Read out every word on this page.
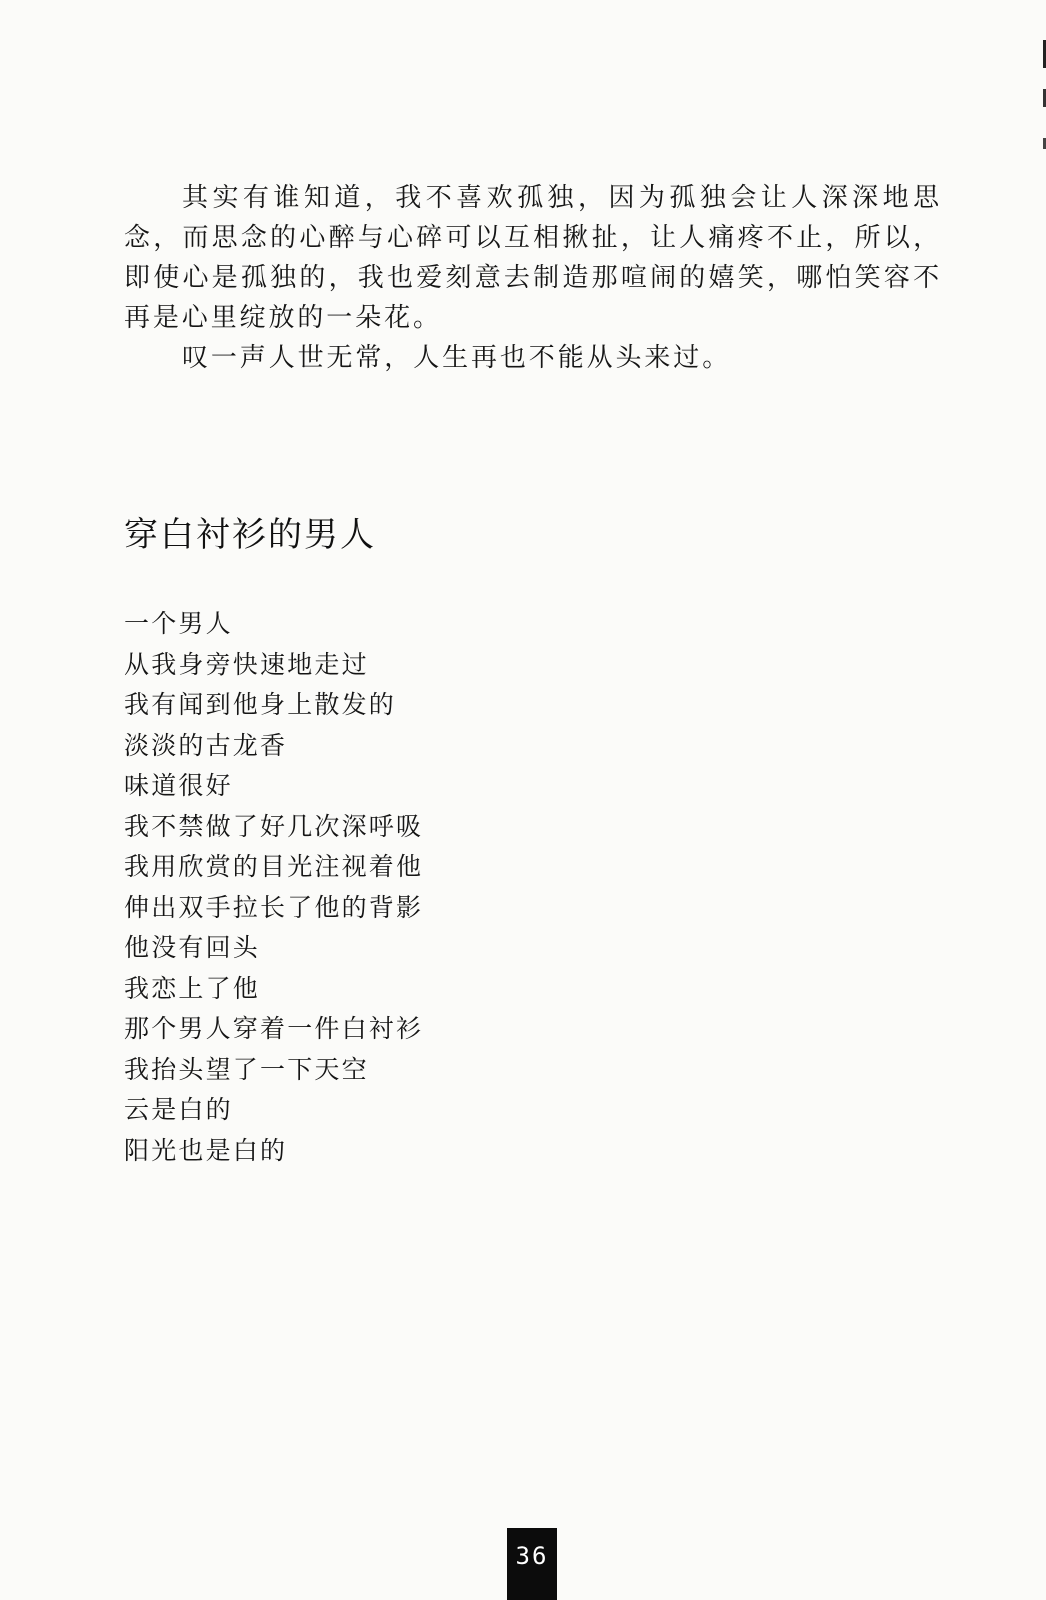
其实有谁知道，我不喜欢孤独，因为孤独会让人深深地思念，而思念的心醉与心碎可以互相揪扯，让人痛疼不止，所以，即使心是孤独的，我也爱刻意去制造那喧闹的嬉笑，哪怕笑容不再是心里绽放的一朵花。

叹一声人世无常，人生再也不能从头来过。

穿白衬衫的男人
一个男人
从我身旁快速地走过
我有闻到他身上散发的
淡淡的古龙香
味道很好
我不禁做了好几次深呼吸
我用欣赏的目光注视着他
伸出双手拉长了他的背影
他没有回头
我恋上了他
那个男人穿着一件白衬衫
我抬头望了一下天空
云是白的
阳光也是白的
36
